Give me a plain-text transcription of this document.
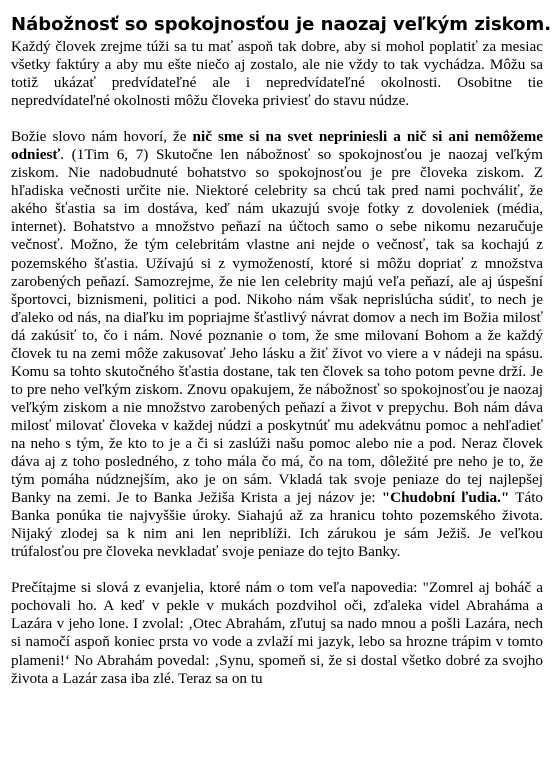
Nábožnosť so spokojnosťou je naozaj veľkým ziskom.

Každý človek zrejme túži sa tu mať aspoň tak dobre, aby si mohol poplatiť za mesiac všetky faktúry a aby mu ešte niečo aj zostalo, ale nie vždy to tak vychádza. Môžu sa totiž ukázať predvídateľné ale i nepredvídateľné okolnosti. Osobitne tie nepredvídateľné okolnosti môžu človeka priviesť do stavu núdze.

Božie slovo nám hovorí, že nič sme si na svet nepriniesli a nič si ani nemôžeme odniesť. (1Tim 6, 7) Skutočne len nábožnosť so spokojnosťou je naozaj veľkým ziskom. Nie nadobudnuté bohatstvo so spokojnosťou je pre človeka ziskom. Z hľadiska večnosti určite nie. Niektoré celebrity sa chcú tak pred nami pochváliť, že akého šťastia sa im dostáva, keď nám ukazujú svoje fotky z dovoleniek (média, internet). Bohatstvo a množstvo peňazí na účtoch samo o sebe nikomu nezaručuje večnosť. Možno, že tým celebritám vlastne ani nejde o večnosť, tak sa kochajú z pozemského šťastia. Užívajú si z vymožeností, ktoré si môžu dopriať z množstva zarobených peňazí. Samozrejme, že nie len celebrity majú veľa peňazí, ale aj úspešní športovci, biznismeni, politici a pod. Nikoho nám však neprislúcha súdiť, to nech je ďaleko od nás, na diaľku im popriajme šťastlivý návrat domov a nech im Božia milosť dá zakúsiť to, čo i nám. Nové poznanie o tom, že sme milovaní Bohom a že každý človek tu na zemi môže zakusovať Jeho lásku a žiť život vo viere a v nádeji na spásu. Komu sa tohto skutočného šťastia dostane, tak ten človek sa toho potom pevne drží. Je to pre neho veľkým ziskom. Znovu opakujem, že nábožnosť so spokojnosťou je naozaj veľkým ziskom a nie množstvo zarobených peňazí a život v prepychu. Boh nám dáva milosť milovať človeka v každej núdzi a poskytnúť mu adekvátnu pomoc a nehľadieť na neho s tým, že kto to je a či si zaslúži našu pomoc alebo nie a pod. Neraz človek dáva aj z toho posledného, z toho mála čo má, čo na tom, dôležité pre neho je to, že tým pomáha núdznejším, ako je on sám. Vkladá tak svoje peniaze do tej najlepšej Banky na zemi. Je to Banka Ježiša Krista a jej názov je: "Chudobní ľudia." Táto Banka ponúka tie najvyššie úroky. Siahajú až za hranicu tohto pozemského života. Nijaký zlodej sa k nim ani len nepriblíži. Ich zárukou je sám Ježiš. Je veľkou trúfalosťou pre človeka nevkladať svoje peniaze do tejto Banky.

Prečítajme si slová z evanjelia, ktoré nám o tom veľa napovedia: "Zomrel aj boháč a pochovali ho. A keď v pekle v mukách pozdvihol oči, zďaleka videl Abraháma a Lazára v jeho lone. I zvolal: ‚Otec Abrahám, zľutuj sa nado mnou a pošli Lazára, nech si namočí aspoň koniec prsta vo vode a zvlaží mi jazyk, lebo sa hrozne trápim v tomto plameni!‘ No Abrahám povedal: ‚Synu, spomeň si, že si dostal všetko dobré za svojho života a Lazár zasa iba zlé. Teraz sa on tu
